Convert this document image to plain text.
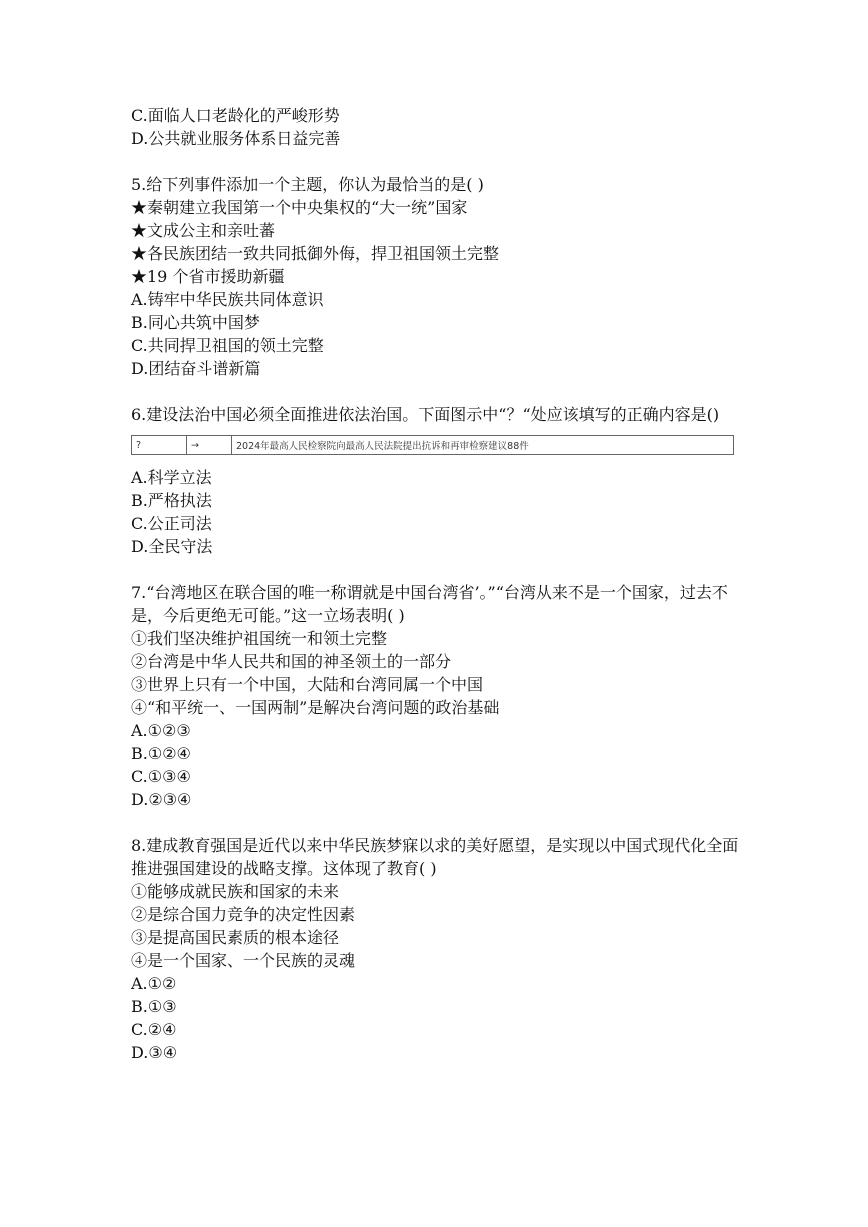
C.面临人口老龄化的严峻形势
D.公共就业服务体系日益完善
5.给下列事件添加一个主题，你认为最恰当的是( )
★秦朝建立我国第一个中央集权的“大一统”国家
★文成公主和亲吐蕃
★各民族团结一致共同抵御外侮，捍卫祖国领土完整
★19 个省市援助新疆
A.铸牢中华民族共同体意识
B.同心共筑中国梦
C.共同捍卫祖国的领土完整
D.团结奋斗谱新篇
6.建设法治中国必须全面推进依法治国。下面图示中“？“处应该填写的正确内容是()
?	→	2024年最高人民检察院向最高人民法院提出抗诉和再审检察建议88件
A.科学立法
B.严格执法
C.公正司法
D.全民守法
7.“台湾地区在联合国的唯一称谓就是中国台湾省’。”“台湾从来不是一个国家，过去不是，今后更绝无可能。”这一立场表明( )
①我们坚决维护祖国统一和领土完整
②台湾是中华人民共和国的神圣领土的一部分
③世界上只有一个中国，大陆和台湾同属一个中国
④“和平统一、一国两制”是解决台湾问题的政治基础
A.①②③
B.①②④
C.①③④
D.②③④
8.建成教育强国是近代以来中华民族梦寐以求的美好愿望，是实现以中国式现代化全面推进强国建设的战略支撑。这体现了教育( )
①能够成就民族和国家的未来
②是综合国力竞争的决定性因素
③是提高国民素质的根本途径
④是一个国家、一个民族的灵魂
A.①②
B.①③
C.②④
D.③④
